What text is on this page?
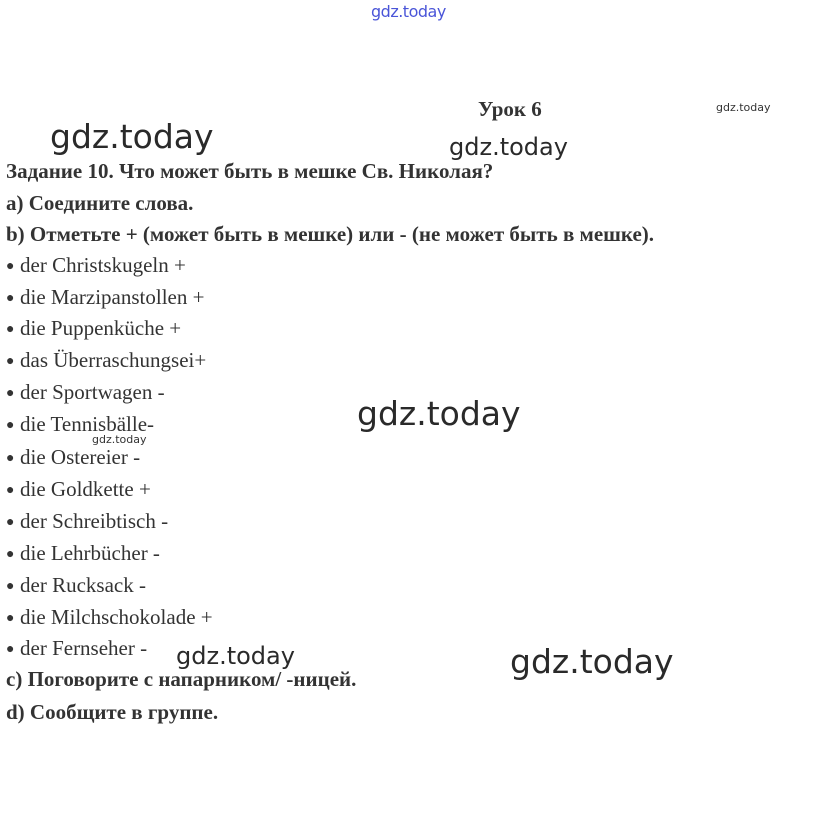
gdz.today
gdz.today
Урок 6
gdz.today	gdz.today
Задание 10. Что может быть в мешке Св. Николая?
а) Соедините слова.
b) Отметьте + (может быть в мешке) или - (не может быть в мешке).
● der Christskugeln +
● die Marzipanstollen +
● die Puppenküche +
● das Überraschungsei+
● der Sportwagen -
● die Tennisbälle-
● die Ostereier -
● die Goldkette +
● der Schreibtisch -
● die Lehrbücher -
● der Rucksack -
● die Milchschokolade +
● der Fernseher -
с) Поговорите с напарником/ -ницей.
d) Сообщите в группе.
gdz.today
gdz.today
gdz.today	gdz.today
